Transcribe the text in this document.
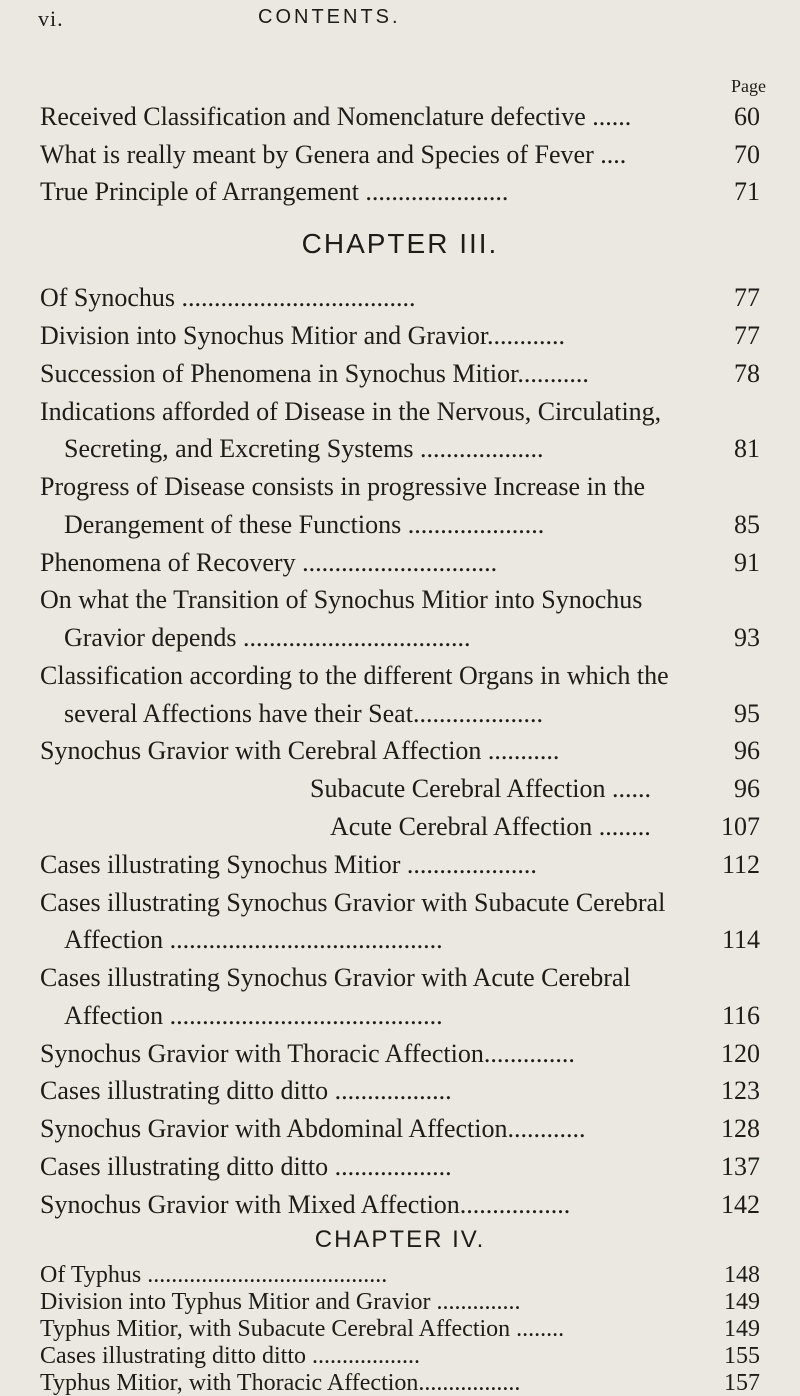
vi.	CONTENTS.
Page
CHAPTER III.
CHAPTER IV.
Received Classification and Nomenclature defective ......	60
What is really meant by Genera and Species of Fever ....	70
True Principle of Arrangement ......................	71
Of Synochus ....................................	77
Division into Synochus Mitior and Gravior............	77
Succession of Phenomena in Synochus Mitior...........	78
Indications afforded of Disease in the Nervous, Circulating,
Secreting, and Excreting Systems ...................	81
Progress of Disease consists in progressive Increase in the
Derangement of these Functions .....................	85
Phenomena of Recovery ..............................	91
On what the Transition of Synochus Mitior into Synochus
Gravior depends ...................................	93
Classification according to the different Organs in which the
several Affections have their Seat....................	95
Synochus Gravior with Cerebral Affection ...........	96
Subacute Cerebral Affection ......	96
Acute Cerebral Affection ........	107
Cases illustrating Synochus Mitior ....................	112
Cases illustrating Synochus Gravior with Subacute Cerebral
Affection ..........................................	114
Cases illustrating Synochus Gravior with Acute Cerebral
Affection ..........................................	116
Synochus Gravior with Thoracic Affection..............	120
Cases illustrating ditto ditto ..................	123
Synochus Gravior with Abdominal Affection............	128
Cases illustrating ditto ditto ..................	137
Synochus Gravior with Mixed Affection.................	142
Of Typhus ........................................	148
Division into Typhus Mitior and Gravior ..............	149
Typhus Mitior, with Subacute Cerebral Affection ........	149
Cases illustrating ditto ditto ..................	155
Typhus Mitior, with Thoracic Affection.................	157
